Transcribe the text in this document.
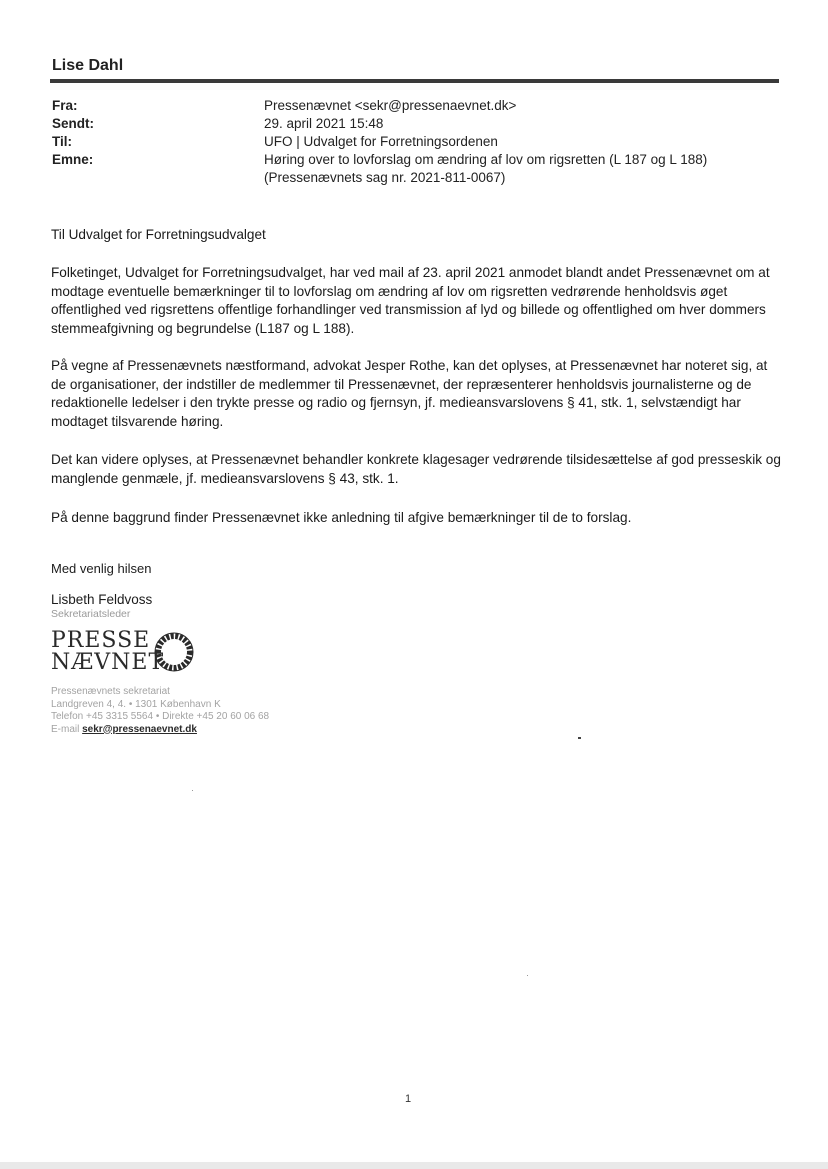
Lise Dahl
Fra:	Pressenævnet <sekr@pressenaevnet.dk>
Sendt:	29. april 2021 15:48
Til:	UFO | Udvalget for Forretningsordenen
Emne:	Høring over to lovforslag om ændring af lov om rigsretten (L 187 og L 188) (Pressenævnets sag nr. 2021-811-0067)
Til Udvalget for Forretningsudvalget
Folketinget, Udvalget for Forretningsudvalget, har ved mail af 23. april 2021 anmodet blandt andet Pressenævnet om at modtage eventuelle bemærkninger til to lovforslag om ændring af lov om rigsretten vedrørende henholdsvis øget offentlighed ved rigsrettens offentlige forhandlinger ved transmission af lyd og billede og offentlighed om hver dommers stemmeafgivning og begrundelse (L187 og L 188).
På vegne af Pressenævnets næstformand, advokat Jesper Rothe, kan det oplyses, at Pressenævnet har noteret sig, at de organisationer, der indstiller de medlemmer til Pressenævnet, der repræsenterer henholdsvis journalisterne og de redaktionelle ledelser i den trykte presse og radio og fjernsyn, jf. medieansvarslovens § 41, stk. 1, selvstændigt har modtaget tilsvarende høring.
Det kan videre oplyses, at Pressenævnet behandler konkrete klagesager vedrørende tilsidesættelse af god presseskik og manglende genmæle, jf. medieansvarslovens § 43, stk. 1.
På denne baggrund finder Pressenævnet ikke anledning til afgive bemærkninger til de to forslag.
Med venlig hilsen
Lisbeth Feldvoss
Sekretariatsleder
PRESSE
NÆVNET
Pressenævnets sekretariat
Landgreven 4, 4. • 1301 København K
Telefon +45 3315 5564 • Direkte +45 20 60 06 68
E-mail sekr@pressenaevnet.dk
1
